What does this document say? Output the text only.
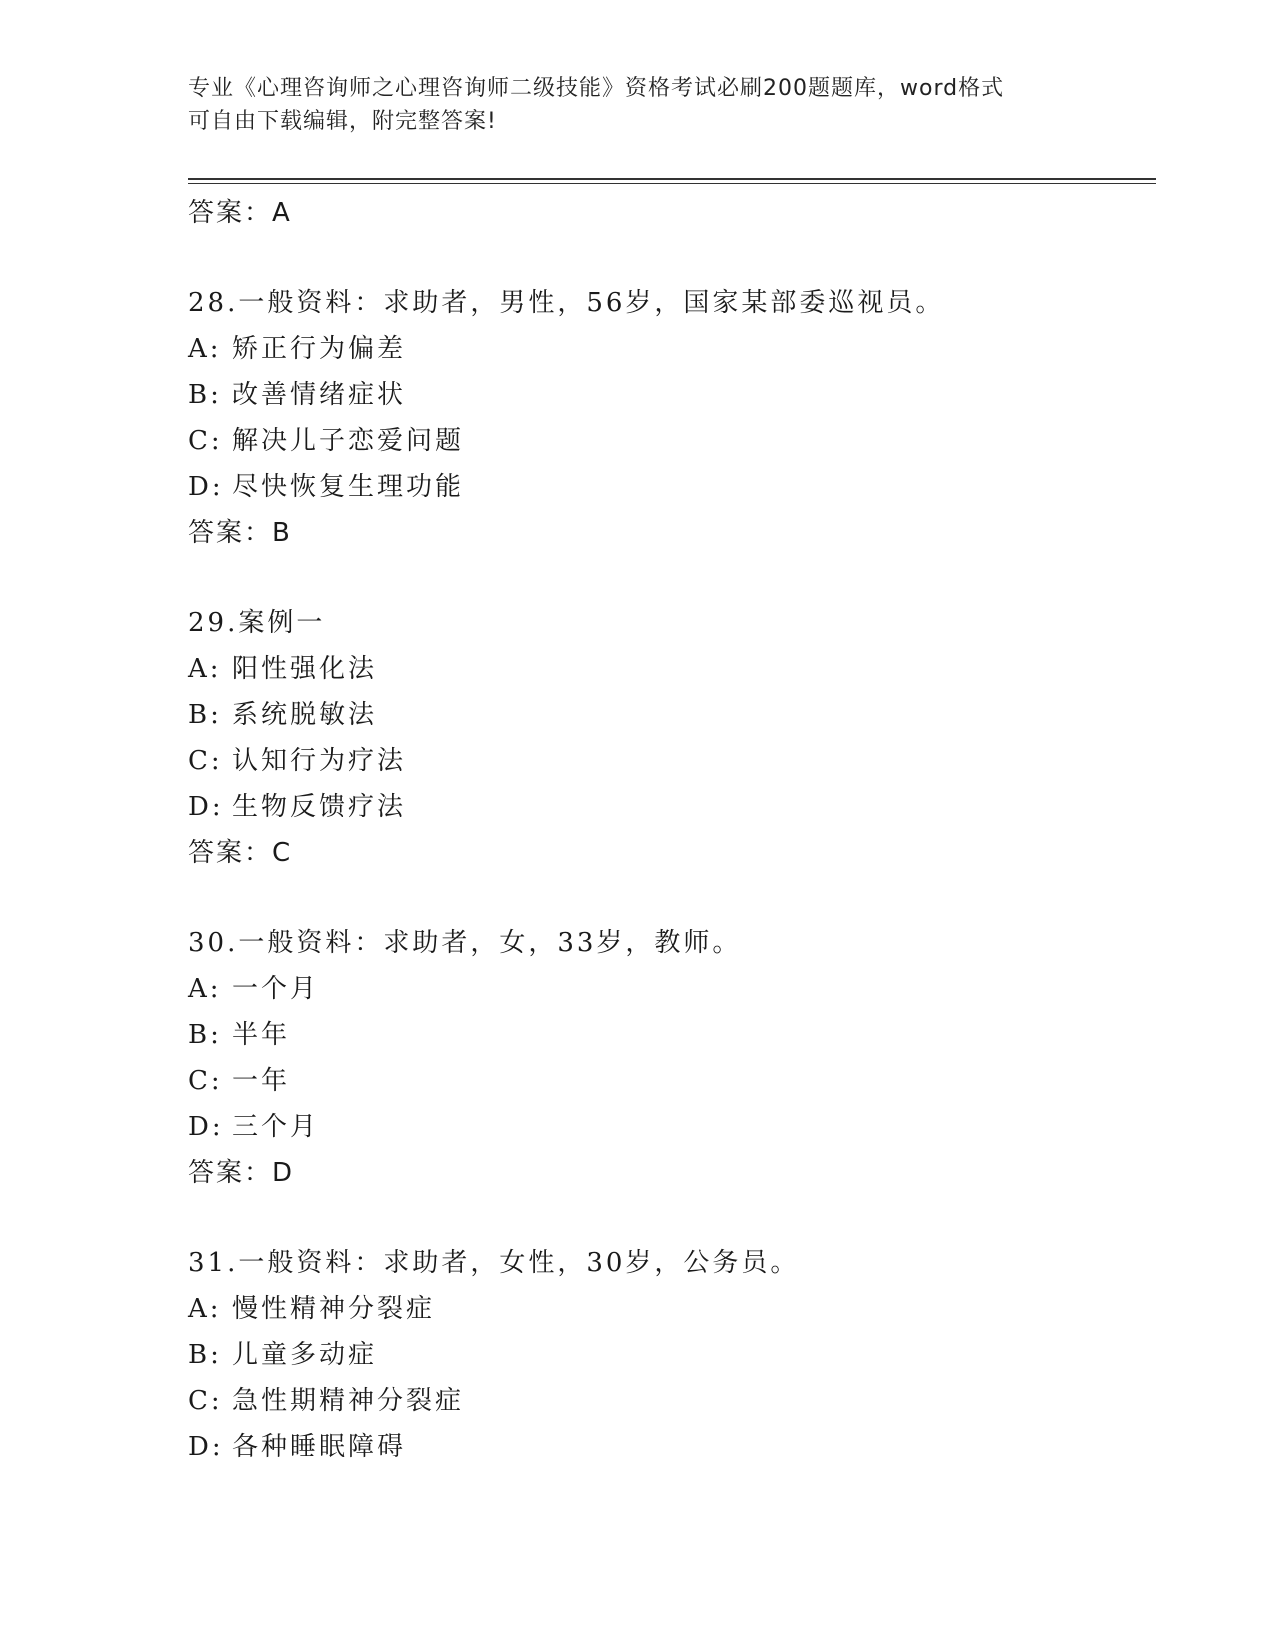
专业《心理咨询师之心理咨询师二级技能》资格考试必刷200题题库，word格式
可自由下载编辑，附完整答案!
答案：A
28.一般资料：求助者，男性，56岁，国家某部委巡视员。
A: 矫正行为偏差
B: 改善情绪症状
C: 解决儿子恋爱问题
D: 尽快恢复生理功能
答案：B
29.案例一
A: 阳性强化法
B: 系统脱敏法
C: 认知行为疗法
D: 生物反馈疗法
答案：C
30.一般资料：求助者，女，33岁，教师。
A: 一个月
B: 半年
C: 一年
D: 三个月
答案：D
31.一般资料：求助者，女性，30岁，公务员。
A: 慢性精神分裂症
B: 儿童多动症
C: 急性期精神分裂症
D: 各种睡眠障碍
